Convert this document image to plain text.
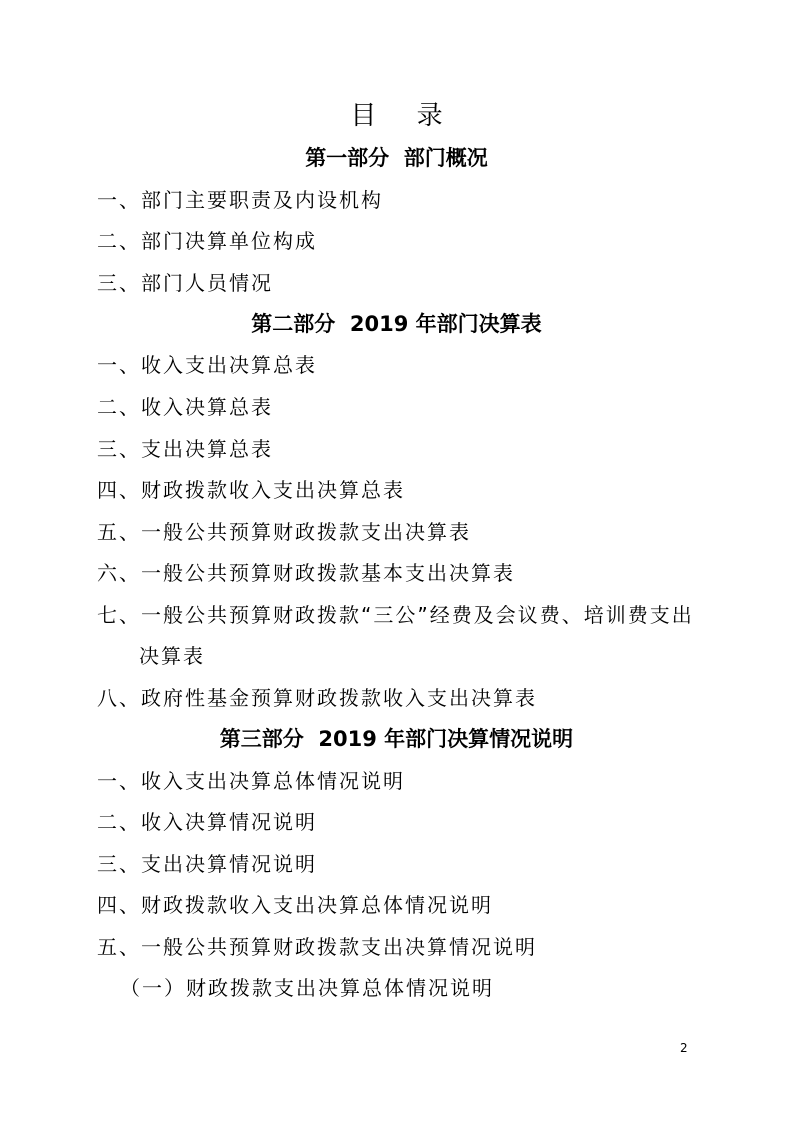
目 录
第一部分  部门概况
一、部门主要职责及内设机构
二、部门决算单位构成
三、部门人员情况
第二部分  2019 年部门决算表
一、收入支出决算总表
二、收入决算总表
三、支出决算总表
四、财政拨款收入支出决算总表
五、一般公共预算财政拨款支出决算表
六、一般公共预算财政拨款基本支出决算表
七、一般公共预算财政拨款“三公”经费及会议费、培训费支出
决算表
八、政府性基金预算财政拨款收入支出决算表
第三部分  2019 年部门决算情况说明
一、收入支出决算总体情况说明
二、收入决算情况说明
三、支出决算情况说明
四、财政拨款收入支出决算总体情况说明
五、一般公共预算财政拨款支出决算情况说明
（一）财政拨款支出决算总体情况说明
2
